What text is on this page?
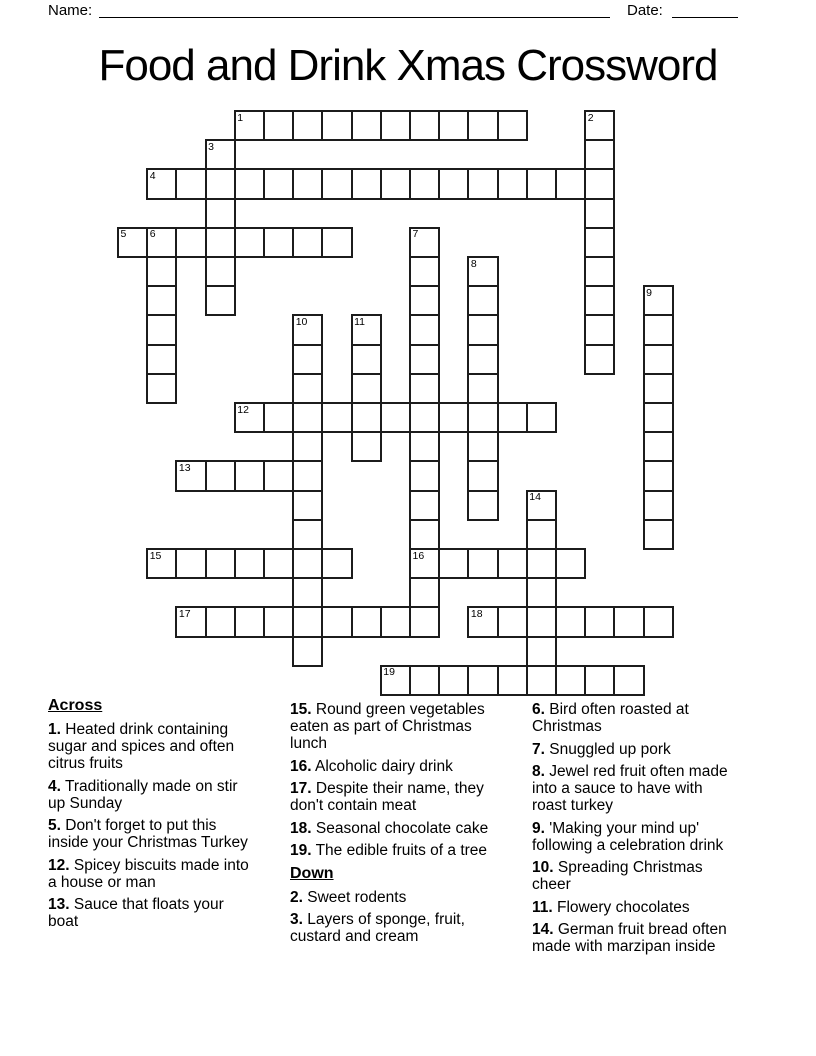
Name:	Date:
Food and Drink Xmas Crossword
1	2
3
4
5 6	7
16
8
9
10	11
12
13
14
15
17	18
19
Across
1. Heated drink containing sugar and spices and often citrus fruits
4. Traditionally made on stir up Sunday
5. Don't forget to put this inside your Christmas Turkey
12. Spicey biscuits made into a house or man
13. Sauce that floats your boat
15. Round green vegetables eaten as part of Christmas lunch
16. Alcoholic dairy drink
17. Despite their name, they don't contain meat
18. Seasonal chocolate cake
19. The edible fruits of a tree
Down
2. Sweet rodents
3. Layers of sponge, fruit, custard and cream
6. Bird often roasted at Christmas
7. Snuggled up pork
8. Jewel red fruit often made into a sauce to have with roast turkey
9. 'Making your mind up' following a celebration drink
10. Spreading Christmas cheer
11. Flowery chocolates
14. German fruit bread often made with marzipan inside
